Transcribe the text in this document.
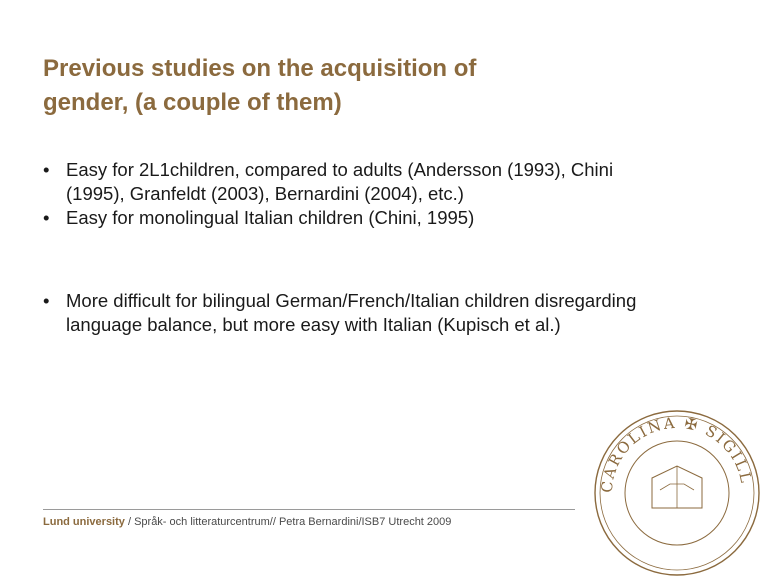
Previous studies on the acquisition of
gender, (a couple of them)
• Easy for 2L1children, compared to adults (Andersson (1993), Chini (1995), Granfeldt (2003), Bernardini (2004), etc.)
• Easy for monolingual Italian children (Chini, 1995)
• More difficult for bilingual German/French/Italian children disregarding language balance, but more easy with Italian (Kupisch et al.)
Lund university / Språk- och litteraturcentrum// Petra Bernardini/ISB7 Utrecht 2009
CAROLINA ✠ SIGILL
